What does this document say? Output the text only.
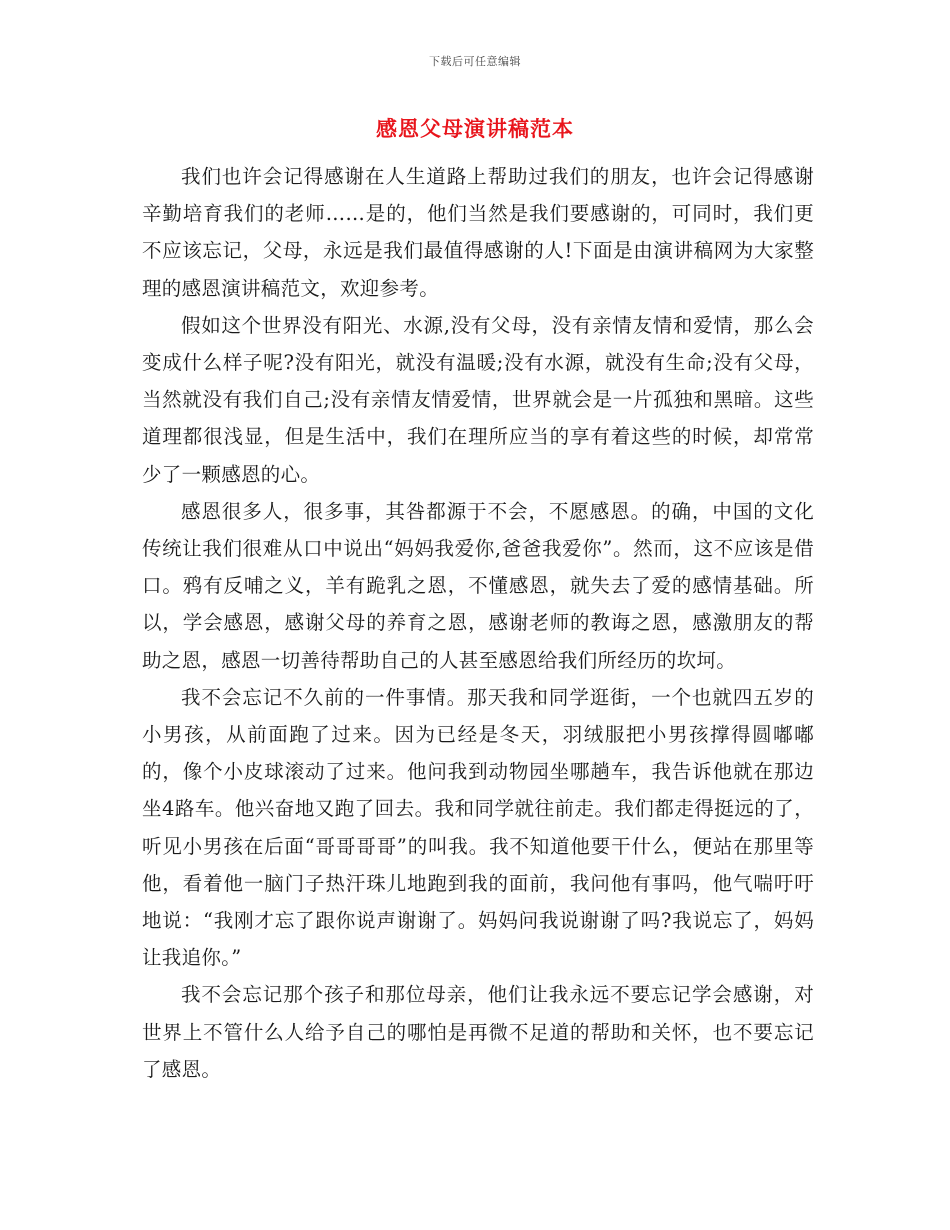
下载后可任意编辑
感恩父母演讲稿范本

我们也许会记得感谢在人生道路上帮助过我们的朋友，也许会记得感谢辛勤培育我们的老师……是的，他们当然是我们要感谢的，可同时，我们更不应该忘记，父母，永远是我们最值得感谢的人!下面是由演讲稿网为大家整理的感恩演讲稿范文，欢迎参考。

假如这个世界没有阳光、水源,没有父母，没有亲情友情和爱情，那么会变成什么样子呢?没有阳光，就没有温暖;没有水源，就没有生命;没有父母，当然就没有我们自己;没有亲情友情爱情，世界就会是一片孤独和黑暗。这些道理都很浅显，但是生活中，我们在理所应当的享有着这些的时候，却常常少了一颗感恩的心。

感恩很多人，很多事，其咎都源于不会，不愿感恩。的确，中国的文化传统让我们很难从口中说出“妈妈我爱你,爸爸我爱你”。然而，这不应该是借口。鸦有反哺之义，羊有跪乳之恩，不懂感恩，就失去了爱的感情基础。所以，学会感恩，感谢父母的养育之恩，感谢老师的教诲之恩，感激朋友的帮助之恩，感恩一切善待帮助自己的人甚至感恩给我们所经历的坎坷。

我不会忘记不久前的一件事情。那天我和同学逛街，一个也就四五岁的小男孩，从前面跑了过来。因为已经是冬天，羽绒服把小男孩撑得圆嘟嘟的，像个小皮球滚动了过来。他问我到动物园坐哪趟车，我告诉他就在那边坐4路车。他兴奋地又跑了回去。我和同学就往前走。我们都走得挺远的了，听见小男孩在后面“哥哥哥哥”的叫我。我不知道他要干什么，便站在那里等他，看着他一脑门子热汗珠儿地跑到我的面前，我问他有事吗，他气喘吁吁地说：“我刚才忘了跟你说声谢谢了。妈妈问我说谢谢了吗?我说忘了，妈妈让我追你。”

我不会忘记那个孩子和那位母亲，他们让我永远不要忘记学会感谢，对世界上不管什么人给予自己的哪怕是再微不足道的帮助和关怀，也不要忘记了感恩。
